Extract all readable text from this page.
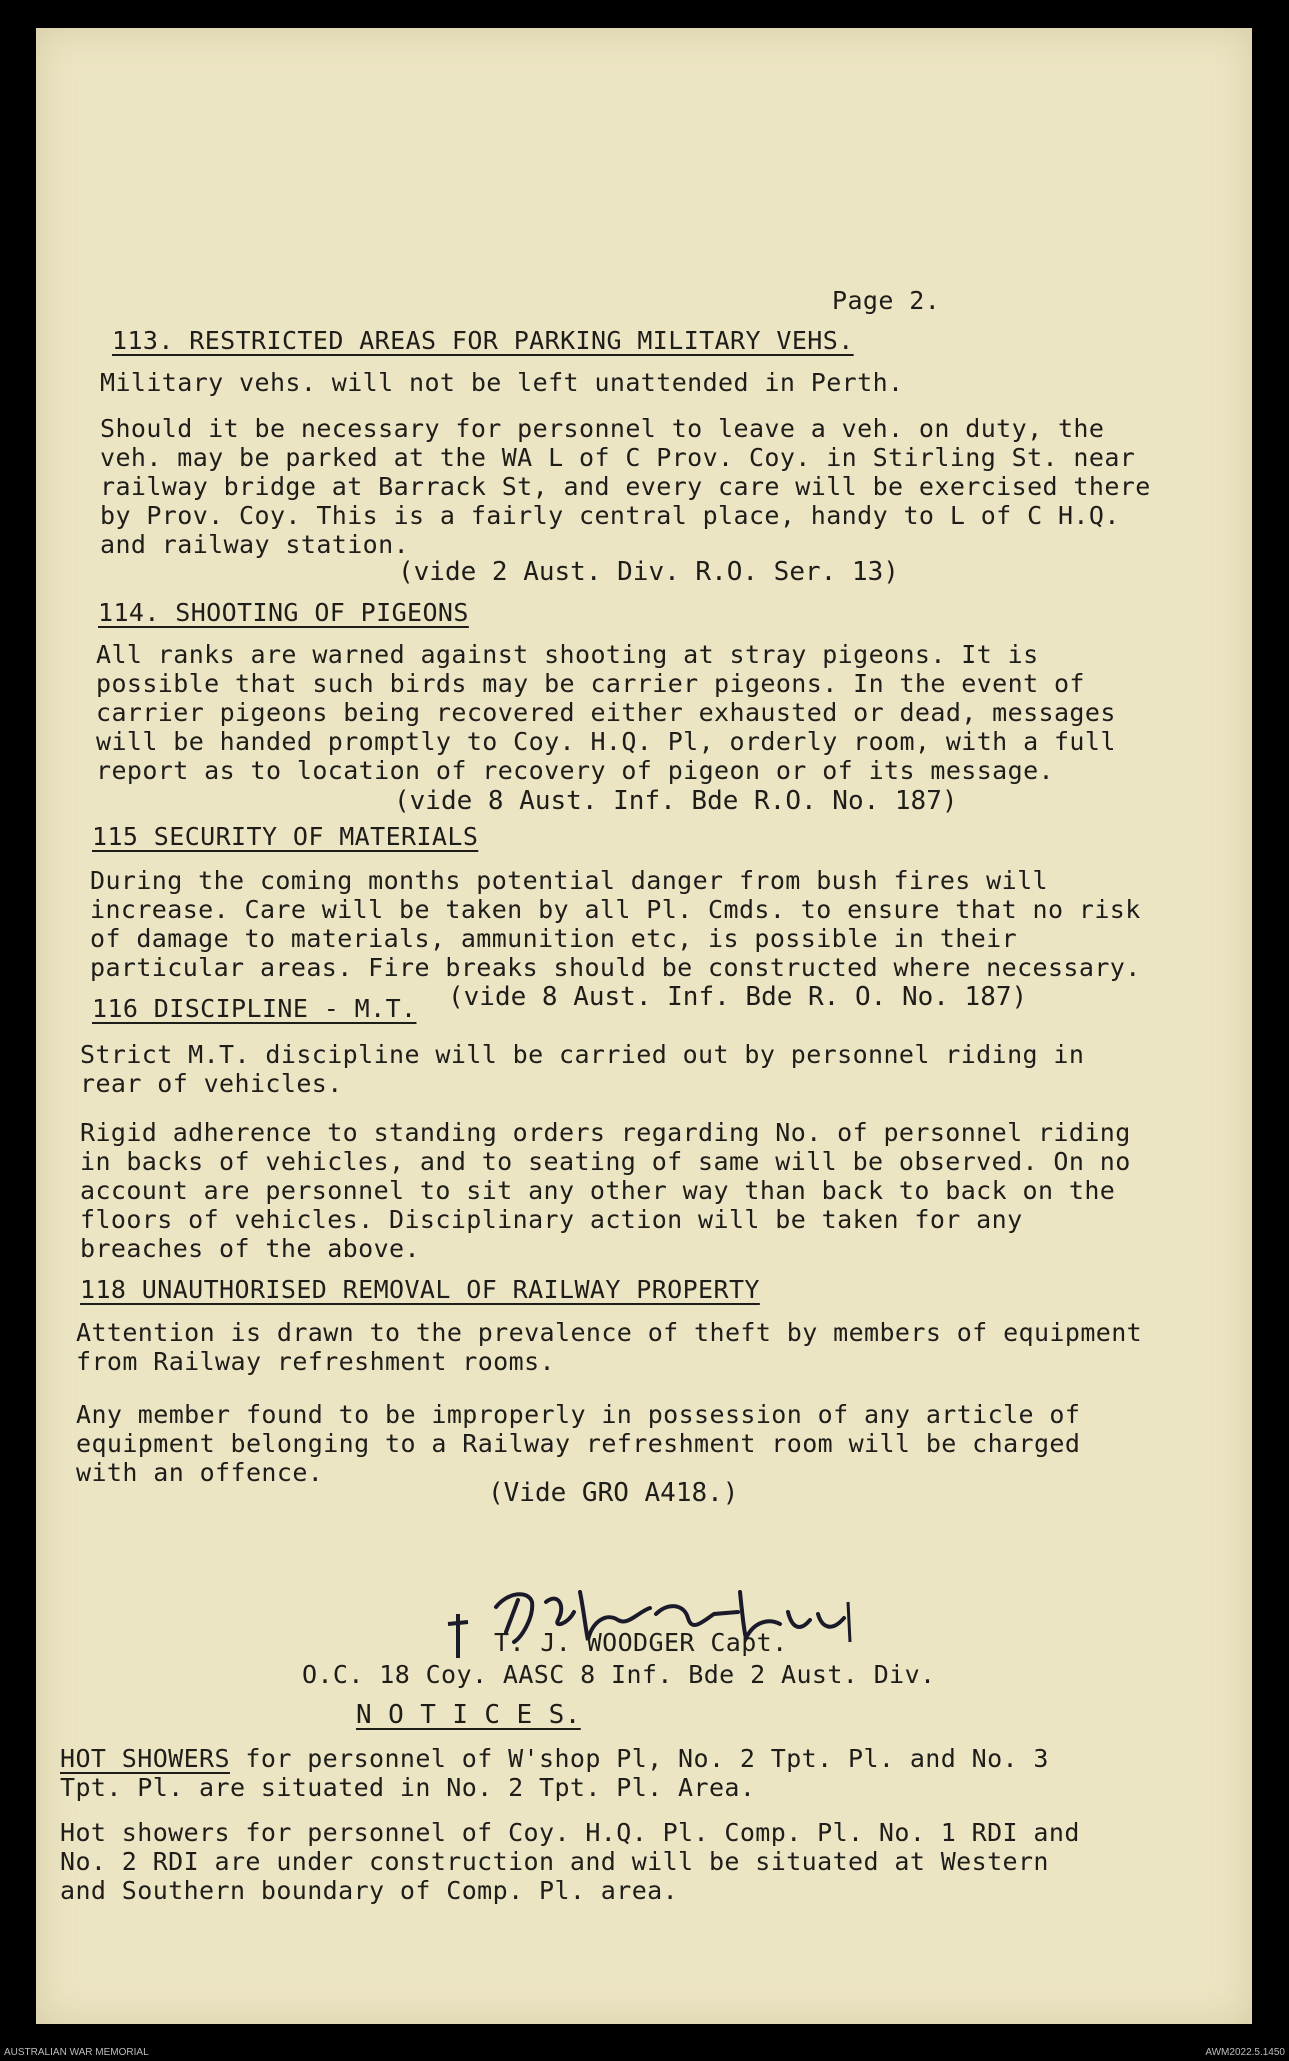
Page 2.
113. RESTRICTED AREAS FOR PARKING MILITARY VEHS.
Military vehs. will not be left unattended in Perth.
Should it be necessary for personnel to leave a veh. on duty, the
veh. may be parked at the WA L of C Prov. Coy. in Stirling St. near
railway bridge at Barrack St, and every care will be exercised there
by Prov. Coy. This is a fairly central place, handy to L of C H.Q.
and railway station.
(vide 2 Aust. Div. R.O. Ser. 13)
114. SHOOTING OF PIGEONS
All ranks are warned against shooting at stray pigeons. It is
possible that such birds may be carrier pigeons. In the event of
carrier pigeons being recovered either exhausted or dead, messages
will be handed promptly to Coy. H.Q. Pl, orderly room, with a full
report as to location of recovery of pigeon or of its message.
(vide 8 Aust. Inf. Bde R.O. No. 187)
115 SECURITY OF MATERIALS
During the coming months potential danger from bush fires will
increase. Care will be taken by all Pl. Cmds. to ensure that no risk
of damage to materials, ammunition etc, is possible in their
particular areas. Fire breaks should be constructed where necessary.
(vide 8 Aust. Inf. Bde R. O. No. 187)
116 DISCIPLINE - M.T.
Strict M.T. discipline will be carried out by personnel riding in
rear of vehicles.
Rigid adherence to standing orders regarding No. of personnel riding
in backs of vehicles, and to seating of same will be observed. On no
account are personnel to sit any other way than back to back on the
floors of vehicles. Disciplinary action will be taken for any
breaches of the above.
118 UNAUTHORISED REMOVAL OF RAILWAY PROPERTY
Attention is drawn to the prevalence of theft by members of equipment
from Railway refreshment rooms.
Any member found to be improperly in possession of any article of
equipment belonging to a Railway refreshment room will be charged
with an offence.
(Vide GRO A418.)
T. J. WOODGER Capt.
O.C. 18 Coy. AASC 8 Inf. Bde 2 Aust. Div.
N O T I C E S.
HOT SHOWERS for personnel of W'shop Pl, No. 2 Tpt. Pl. and No. 3
Tpt. Pl. are situated in No. 2 Tpt. Pl. Area.
Hot showers for personnel of Coy. H.Q. Pl. Comp. Pl. No. 1 RDI and
No. 2 RDI are under construction and will be situated at Western
and Southern boundary of Comp. Pl. area.
AUSTRALIAN WAR MEMORIAL	AWM2022.5.1450
